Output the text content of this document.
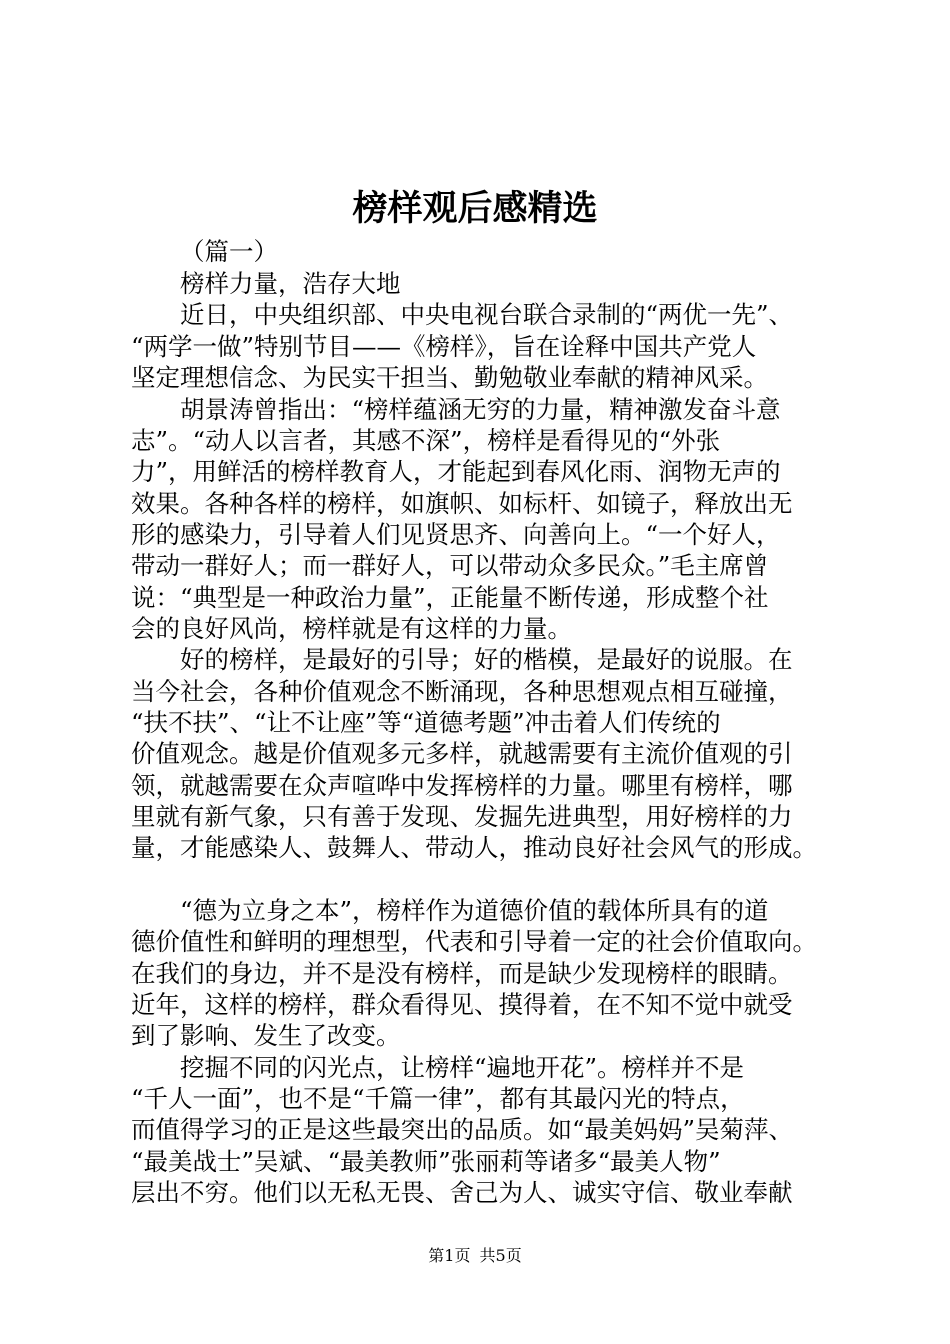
榜样观后感精选
（篇一）
榜样力量，浩存大地
近日，中央组织部、中央电视台联合录制的“两优一先”、
“两学一做”特别节目——《榜样》，旨在诠释中国共产党人
坚定理想信念、为民实干担当、勤勉敬业奉献的精神风采。
胡景涛曾指出：“榜样蕴涵无穷的力量，精神激发奋斗意
志”。“动人以言者，其感不深”，榜样是看得见的“外张
力”，用鲜活的榜样教育人，才能起到春风化雨、润物无声的
效果。各种各样的榜样，如旗帜、如标杆、如镜子，释放出无
形的感染力，引导着人们见贤思齐、向善向上。“一个好人，
带动一群好人；而一群好人，可以带动众多民众。”毛主席曾
说：“典型是一种政治力量”，正能量不断传递，形成整个社
会的良好风尚，榜样就是有这样的力量。
好的榜样，是最好的引导；好的楷模，是最好的说服。在
当今社会，各种价值观念不断涌现，各种思想观点相互碰撞，
“扶不扶”、“让不让座”等“道德考题”冲击着人们传统的
价值观念。越是价值观多元多样，就越需要有主流价值观的引
领，就越需要在众声喧哗中发挥榜样的力量。哪里有榜样，哪
里就有新气象，只有善于发现、发掘先进典型，用好榜样的力
量，才能感染人、鼓舞人、带动人，推动良好社会风气的形成。
“德为立身之本”，榜样作为道德价值的载体所具有的道
德价值性和鲜明的理想型，代表和引导着一定的社会价值取向。
在我们的身边，并不是没有榜样，而是缺少发现榜样的眼睛。
近年，这样的榜样，群众看得见、摸得着，在不知不觉中就受
到了影响、发生了改变。
挖掘不同的闪光点，让榜样“遍地开花”。榜样并不是
“千人一面”，也不是“千篇一律”，都有其最闪光的特点，
而值得学习的正是这些最突出的品质。如“最美妈妈”吴菊萍、
“最美战士”吴斌、“最美教师”张丽莉等诸多“最美人物”
层出不穷。他们以无私无畏、舍己为人、诚实守信、敬业奉献
第1页 共5页
